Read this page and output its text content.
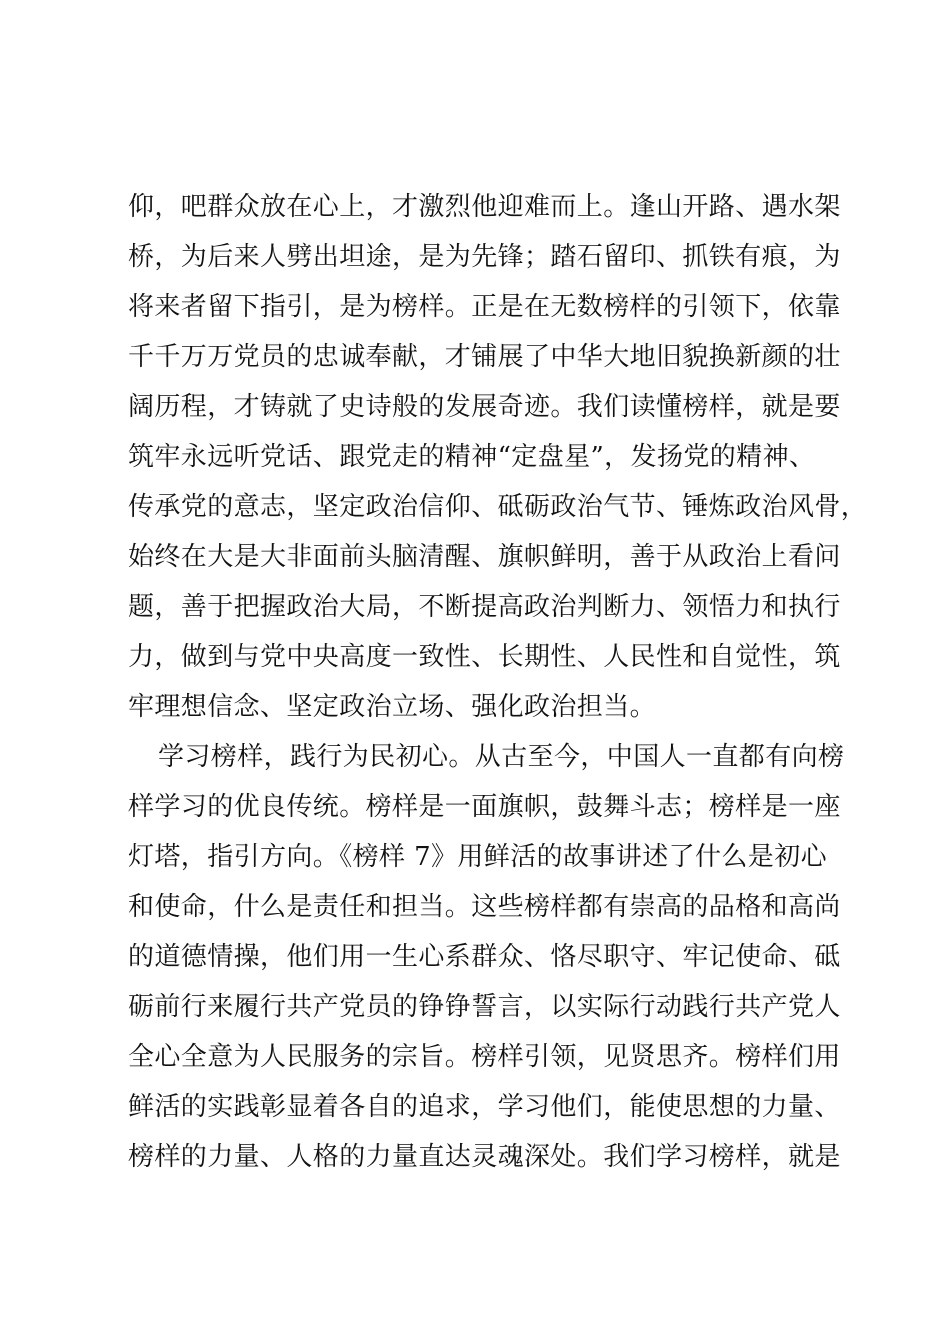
仰，吧群众放在心上，才激烈他迎难而上。逢山开路、遇水架
桥，为后来人劈出坦途，是为先锋；踏石留印、抓铁有痕，为
将来者留下指引，是为榜样。正是在无数榜样的引领下，依靠
千千万万党员的忠诚奉献，才铺展了中华大地旧貌换新颜的壮
阔历程，才铸就了史诗般的发展奇迹。我们读懂榜样，就是要
筑牢永远听党话、跟党走的精神“定盘星”，发扬党的精神、
传承党的意志，坚定政治信仰、砥砺政治气节、锤炼政治风骨，
始终在大是大非面前头脑清醒、旗帜鲜明，善于从政治上看问
题，善于把握政治大局，不断提高政治判断力、领悟力和执行
力，做到与党中央高度一致性、长期性、人民性和自觉性，筑
牢理想信念、坚定政治立场、强化政治担当。
学习榜样，践行为民初心。从古至今，中国人一直都有向榜
样学习的优良传统。榜样是一面旗帜，鼓舞斗志；榜样是一座
灯塔，指引方向。《榜样 7》用鲜活的故事讲述了什么是初心
和使命，什么是责任和担当。这些榜样都有崇高的品格和高尚
的道德情操，他们用一生心系群众、恪尽职守、牢记使命、砥
砺前行来履行共产党员的铮铮誓言，以实际行动践行共产党人
全心全意为人民服务的宗旨。榜样引领，见贤思齐。榜样们用
鲜活的实践彰显着各自的追求，学习他们，能使思想的力量、
榜样的力量、人格的力量直达灵魂深处。我们学习榜样，就是
